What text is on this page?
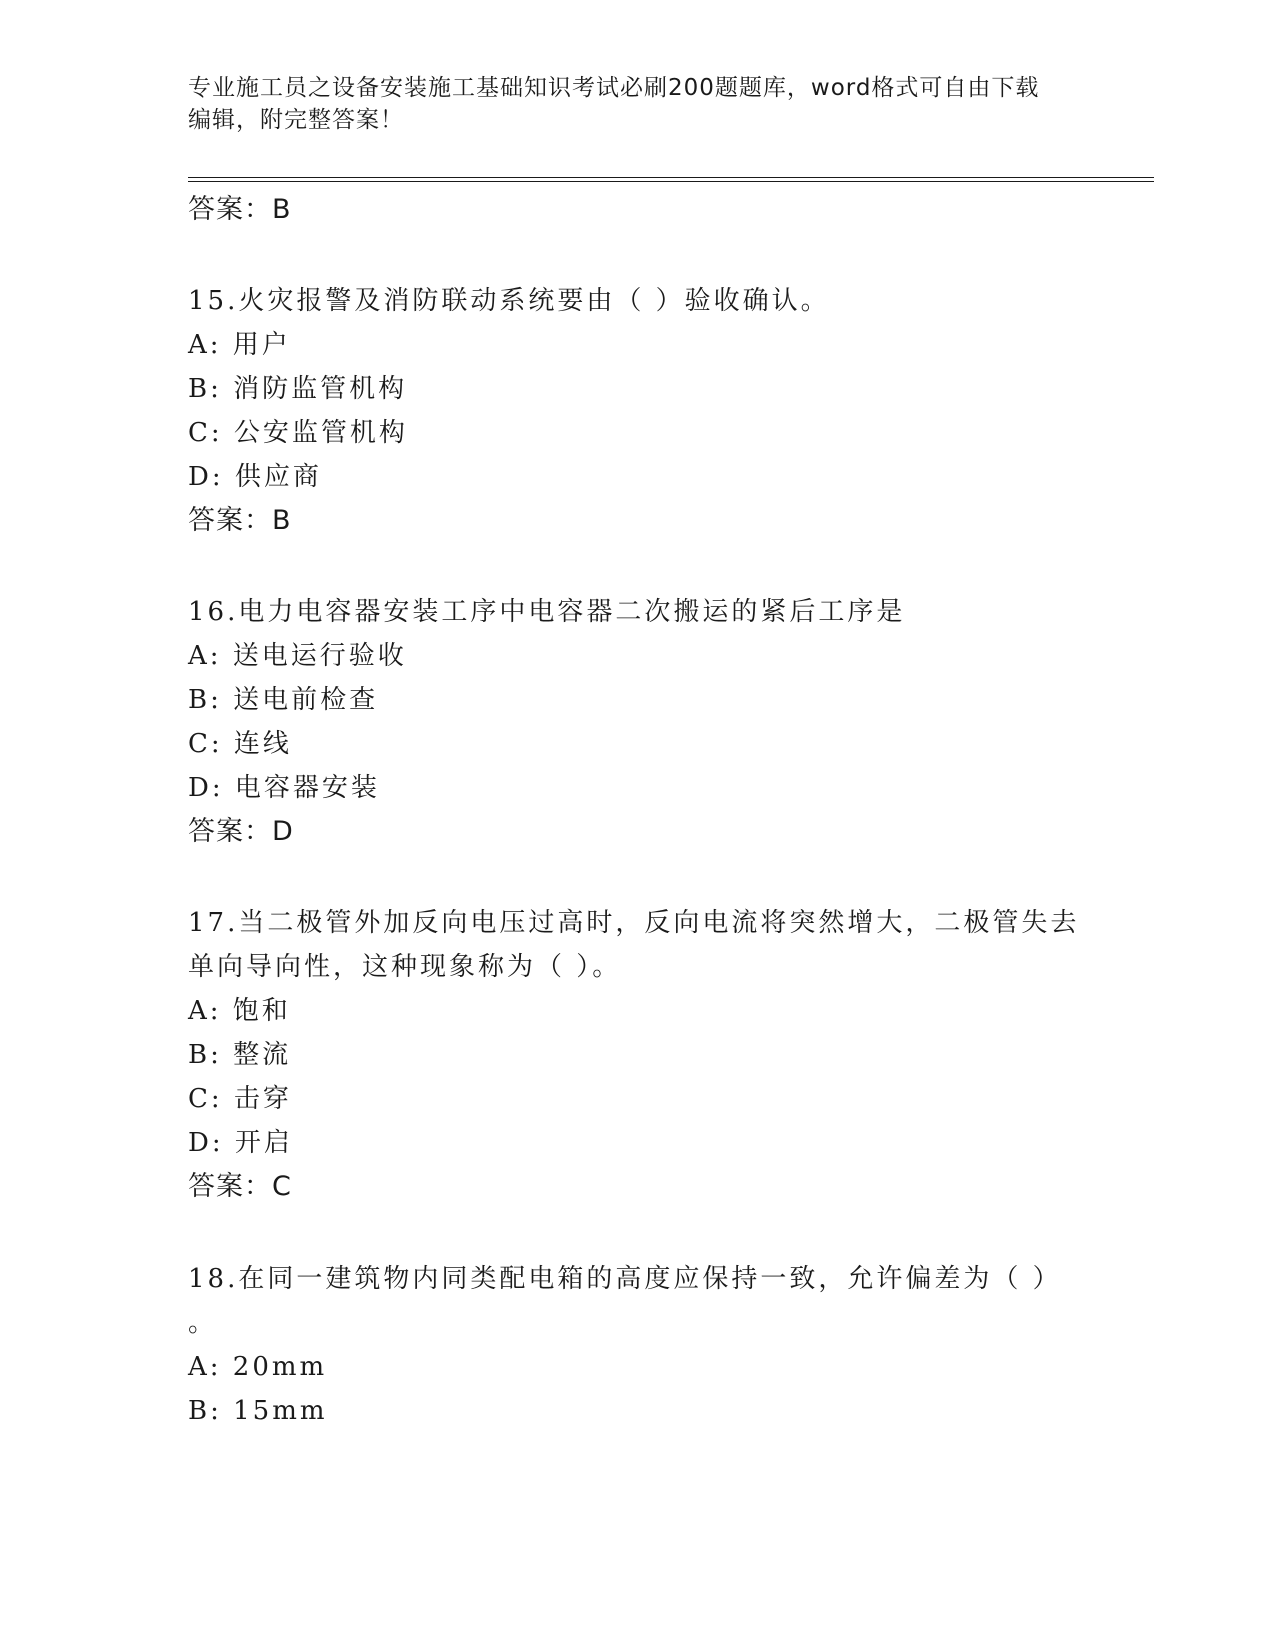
专业施工员之设备安装施工基础知识考试必刷200题题库，word格式可自由下载
编辑，附完整答案！
答案：B
15.火灾报警及消防联动系统要由（ ）验收确认。
A: 用户
B: 消防监管机构
C: 公安监管机构
D: 供应商
答案：B
16.电力电容器安装工序中电容器二次搬运的紧后工序是
A: 送电运行验收
B: 送电前检查
C: 连线
D: 电容器安装
答案：D
17.当二极管外加反向电压过高时，反向电流将突然增大，二极管失去
单向导向性，这种现象称为（ ）。
A: 饱和
B: 整流
C: 击穿
D: 开启
答案：C
18.在同一建筑物内同类配电箱的高度应保持一致，允许偏差为（ ）
。
A: 20mm
B: 15mm
